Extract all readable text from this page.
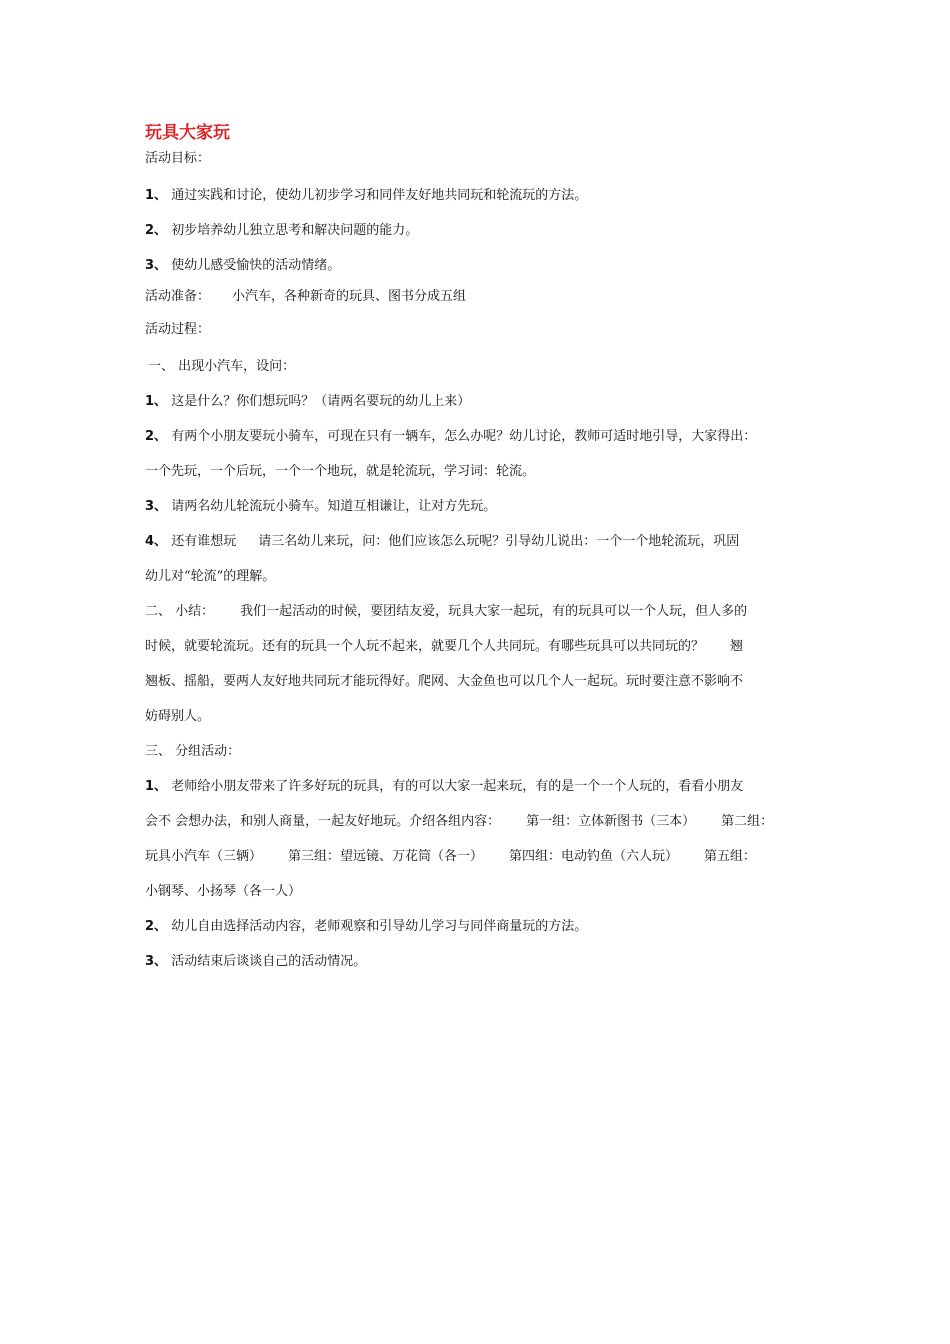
玩具大家玩

活动目标：

1、 通过实践和讨论，使幼儿初步学习和同伴友好地共同玩和轮流玩的方法。

2、 初步培养幼儿独立思考和解决问题的能力。

3、 使幼儿感受愉快的活动情绪。

活动准备： 小汽车，各种新奇的玩具、图书分成五组

活动过程：

一、 出现小汽车，设问：

1、 这是什么？你们想玩吗？（请两名要玩的幼儿上来）

2、 有两个小朋友要玩小骑车，可现在只有一辆车，怎么办呢？幼儿讨论，教师可适时地引导，大家得出：

一个先玩，一个后玩，一个一个地玩，就是轮流玩，学习词：轮流。

3、 请两名幼儿轮流玩小骑车。知道互相谦让，让对方先玩。

4、 还有谁想玩 请三名幼儿来玩，问：他们应该怎么玩呢？引导幼儿说出：一个一个地轮流玩，巩固

幼儿对“轮流”的理解。

二、 小结： 我们一起活动的时候，要团结友爱，玩具大家一起玩，有的玩具可以一个人玩，但人多的

时候，就要轮流玩。还有的玩具一个人玩不起来，就要几个人共同玩。有哪些玩具可以共同玩的？ 翘

翘板、摇船，要两人友好地共同玩才能玩得好。爬网、大金鱼也可以几个人一起玩。玩时要注意不影响不

妨碍别人。

三、 分组活动：

1、 老师给小朋友带来了许多好玩的玩具，有的可以大家一起来玩，有的是一个一个人玩的，看看小朋友

会不 会想办法，和别人商量，一起友好地玩。介绍各组内容： 第一组：立体新图书（三本） 第二组：

玩具小汽车（三辆） 第三组：望远镜、万花筒（各一） 第四组：电动钓鱼（六人玩） 第五组：

小钢琴、小扬琴（各一人）

2、 幼儿自由选择活动内容，老师观察和引导幼儿学习与同伴商量玩的方法。

3、 活动结束后谈谈自己的活动情况。
